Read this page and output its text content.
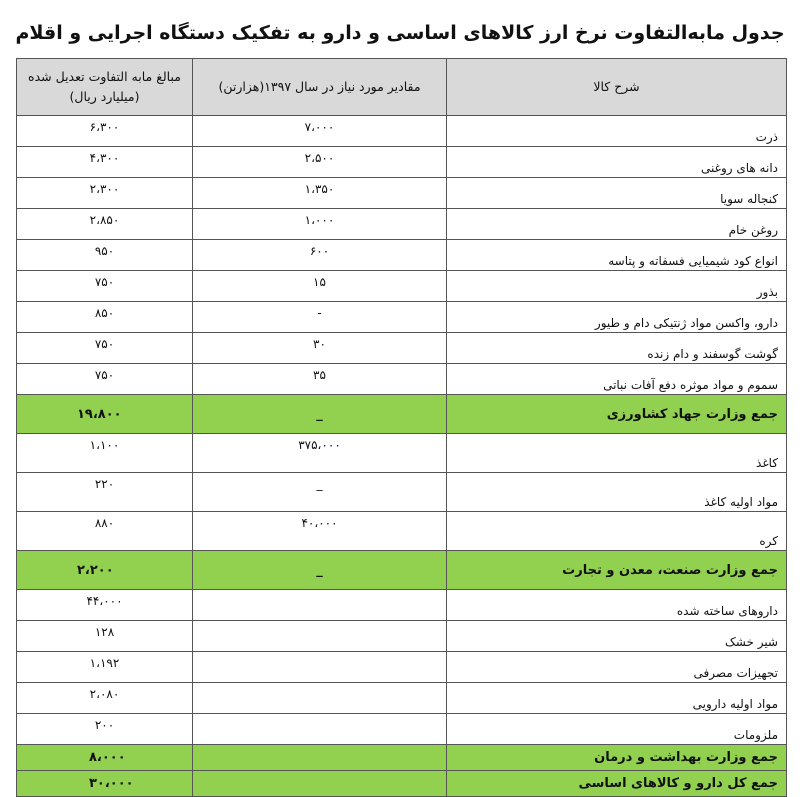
جدول مابه‌التفاوت نرخ ارز کالاهای اساسی و دارو به تفکیک دستگاه اجرایی و اقلام
شرح کالا	مقادیر مورد نیاز در سال ۱۳۹۷(هزارتن)	مبالغ مابه التفاوت تعدیل شده (میلیارد ریال)
ذرت	۷،۰۰۰	۶،۳۰۰
دانه های روغنی	۲،۵۰۰	۴،۳۰۰
کنجاله سویا	۱،۳۵۰	۲،۳۰۰
روغن خام	۱،۰۰۰	۲،۸۵۰
انواع کود شیمیایی فسفاته و پتاسه	۶۰۰	۹۵۰
بذور	۱۵	۷۵۰
دارو، واکسن مواد ژنتیکی دام و طیور	-	۸۵۰
گوشت گوسفند و دام زنده	۳۰	۷۵۰
سموم و مواد موثره دفع آفات نباتی	۳۵	۷۵۰
جمع وزارت جهاد کشاورزی	_	۱۹،۸۰۰
کاغذ	۳۷۵،۰۰۰	۱،۱۰۰
مواد اولیه کاغذ	_	۲۲۰
کره	۴۰،۰۰۰	۸۸۰
جمع وزارت صنعت، معدن و تجارت	_	۲،۲۰۰
داروهای ساخته شده		۴۴،۰۰۰
شیر خشک		۱۲۸
تجهیزات مصرفی		۱،۱۹۲
مواد اولیه دارویی		۲،۰۸۰
ملزومات		۲۰۰
جمع وزارت بهداشت و درمان		۸،۰۰۰
جمع کل دارو و کالاهای اساسی		۳۰،۰۰۰
